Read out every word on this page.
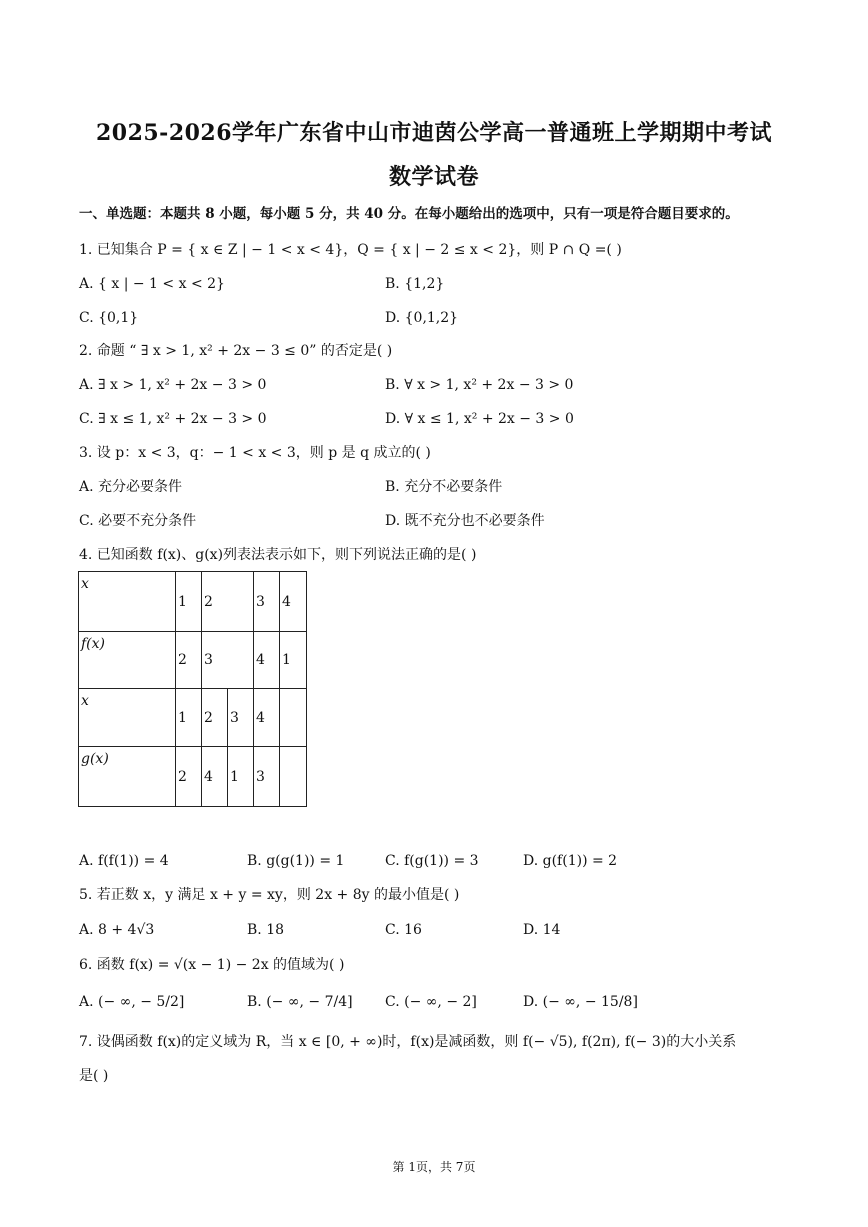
2025-2026学年广东省中山市迪茵公学高一普通班上学期期中考试
数学试卷
一、单选题：本题共 8 小题，每小题 5 分，共 40 分。在每小题给出的选项中，只有一项是符合题目要求的。
1. 已知集合 P = { x ∈ Z | − 1 < x < 4}，Q = { x | − 2 ≤ x < 2}，则 P ∩ Q =( )
A. { x | − 1 < x < 2}	B. {1,2}
C. {0,1}	D. {0,1,2}
2. 命题 “ ∃ x > 1, x² + 2x − 3 ≤ 0” 的否定是( )
A. ∃ x > 1, x² + 2x − 3 > 0	B. ∀ x > 1, x² + 2x − 3 > 0
C. ∃ x ≤ 1, x² + 2x − 3 > 0	D. ∀ x ≤ 1, x² + 2x − 3 > 0
3. 设 p：x < 3，q：− 1 < x < 3，则 p 是 q 成立的( )
A. 充分必要条件	B. 充分不必要条件
C. 必要不充分条件	D. 既不充分也不必要条件
4. 已知函数 f(x)、g(x)列表法表示如下，则下列说法正确的是( )
x	1	2		3	4
f(x)	2	3		4	1
x	1	2	3	4	
g(x)	2	4	1	3	
A. f(f(1)) = 4	B. g(g(1)) = 1	C. f(g(1)) = 3	D. g(f(1)) = 2
5. 若正数 x，y 满足 x + y = xy，则 2x + 8y 的最小值是( )
A. 8 + 4√3	B. 18	C. 16	D. 14
6. 函数 f(x) = √(x − 1) − 2x 的值域为( )
A. (− ∞, − 5/2]	B. (− ∞, − 7/4] C. (− ∞, − 2]	D. (− ∞, − 15/8]
7. 设偶函数 f(x)的定义域为 R，当 x ∈ [0, + ∞)时，f(x)是减函数，则 f(− √5), f(2π), f(− 3)的大小关系
是( )
第 1页，共 7页
